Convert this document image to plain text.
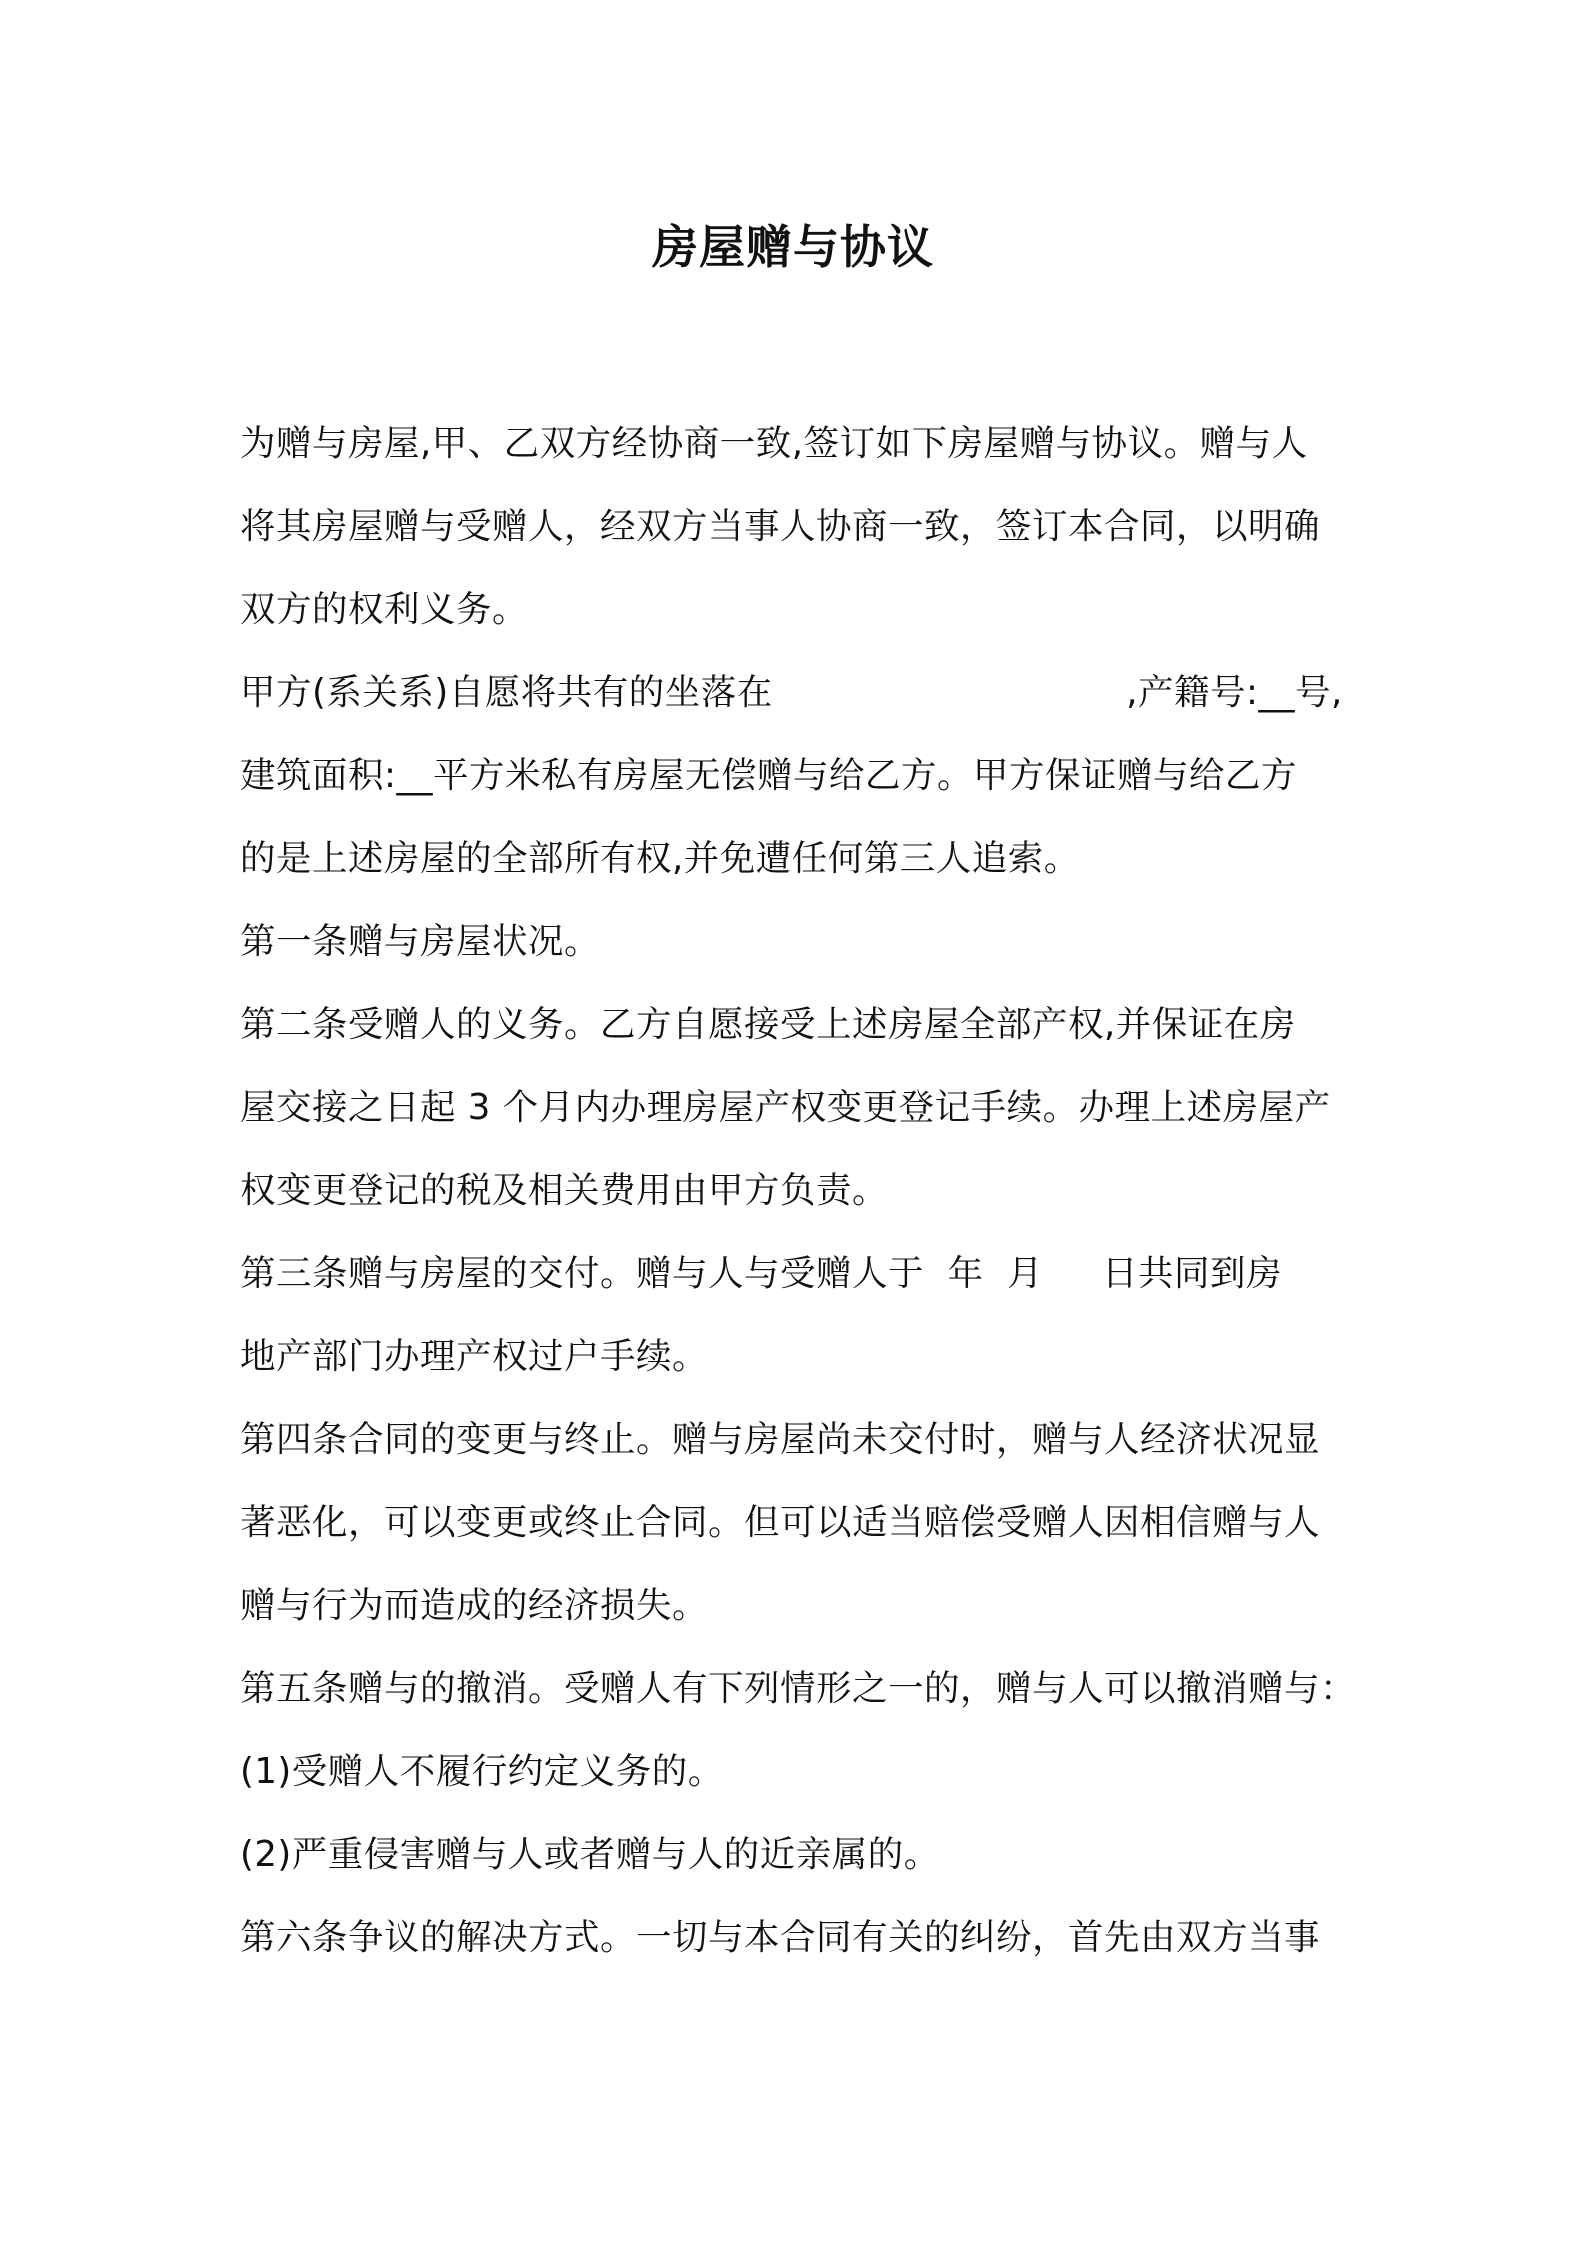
房屋赠与协议
为赠与房屋,甲、乙双方经协商一致,签订如下房屋赠与协议。赠与人
将其房屋赠与受赠人，经双方当事人协商一致，签订本合同，以明确
双方的权利义务。
甲方(系关系)自愿将共有的坐落在                              ,产籍号:__号,
建筑面积:__平方米私有房屋无偿赠与给乙方。甲方保证赠与给乙方
的是上述房屋的全部所有权,并免遭任何第三人追索。
第一条赠与房屋状况。
第二条受赠人的义务。乙方自愿接受上述房屋全部产权,并保证在房
屋交接之日起 3 个月内办理房屋产权变更登记手续。办理上述房屋产
权变更登记的税及相关费用由甲方负责。
第三条赠与房屋的交付。赠与人与受赠人于  年  月     日共同到房
地产部门办理产权过户手续。
第四条合同的变更与终止。赠与房屋尚未交付时，赠与人经济状况显
著恶化，可以变更或终止合同。但可以适当赔偿受赠人因相信赠与人
赠与行为而造成的经济损失。
第五条赠与的撤消。受赠人有下列情形之一的，赠与人可以撤消赠与：
(1)受赠人不履行约定义务的。
(2)严重侵害赠与人或者赠与人的近亲属的。
第六条争议的解决方式。一切与本合同有关的纠纷，首先由双方当事
